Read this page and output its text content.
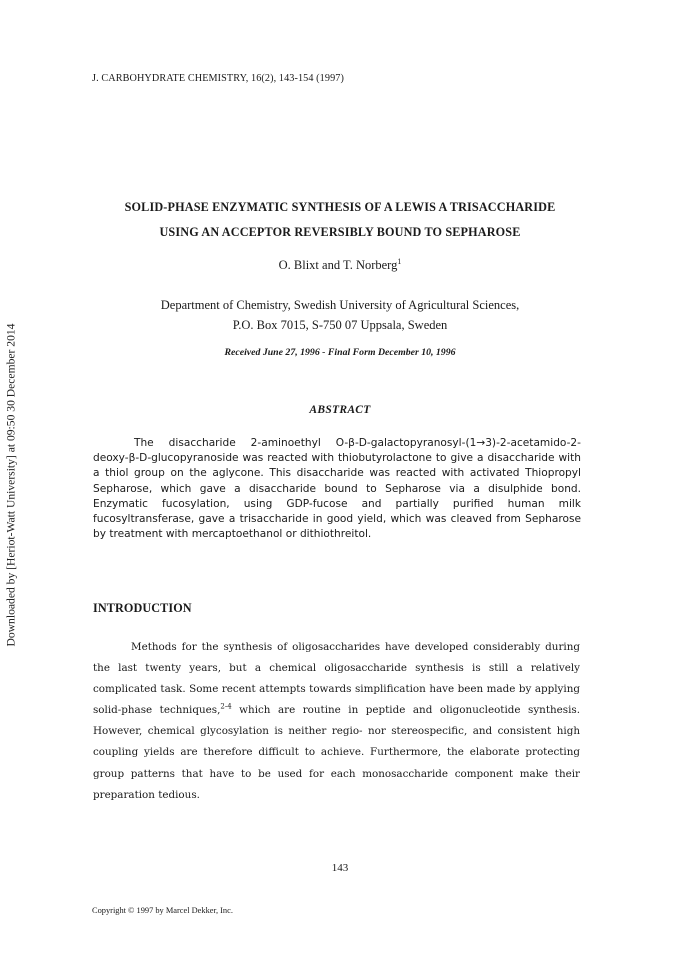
Downloaded by [Heriot-Watt University] at 09:50 30 December 2014
J. CARBOHYDRATE CHEMISTRY, 16(2), 143-154 (1997)
SOLID-PHASE ENZYMATIC SYNTHESIS OF A LEWIS A TRISACCHARIDE
USING AN ACCEPTOR REVERSIBLY BOUND TO SEPHAROSE
O. Blixt and T. Norberg$^1$
Department of Chemistry, Swedish University of Agricultural Sciences,
P.O. Box 7015, S-750 07 Uppsala, Sweden
Received June 27, 1996 - Final Form December 10, 1996
ABSTRACT
The disaccharide 2-aminoethyl O-β-D-galactopyranosyl-(1→3)-2-acetamido-2-deoxy-β-D-glucopyranoside was reacted with thiobutyrolactone to give a disaccharide with a thiol group on the aglycone. This disaccharide was reacted with activated Thiopropyl Sepharose, which gave a disaccharide bound to Sepharose via a disulphide bond. Enzymatic fucosylation, using GDP-fucose and partially purified human milk fucosyltransferase, gave a trisaccharide in good yield, which was cleaved from Sepharose by treatment with mercaptoethanol or dithiothreitol.
INTRODUCTION
Methods for the synthesis of oligosaccharides have developed considerably during the last twenty years, but a chemical oligosaccharide synthesis is still a relatively complicated task. Some recent attempts towards simplification have been made by applying solid-phase techniques,$^{2-4}$ which are routine in peptide and oligonucleotide synthesis. However, chemical glycosylation is neither regio- nor stereospecific, and consistent high coupling yields are therefore difficult to achieve. Furthermore, the elaborate protecting group patterns that have to be used for each monosaccharide component make their preparation tedious.
143
Copyright © 1997 by Marcel Dekker, Inc.
